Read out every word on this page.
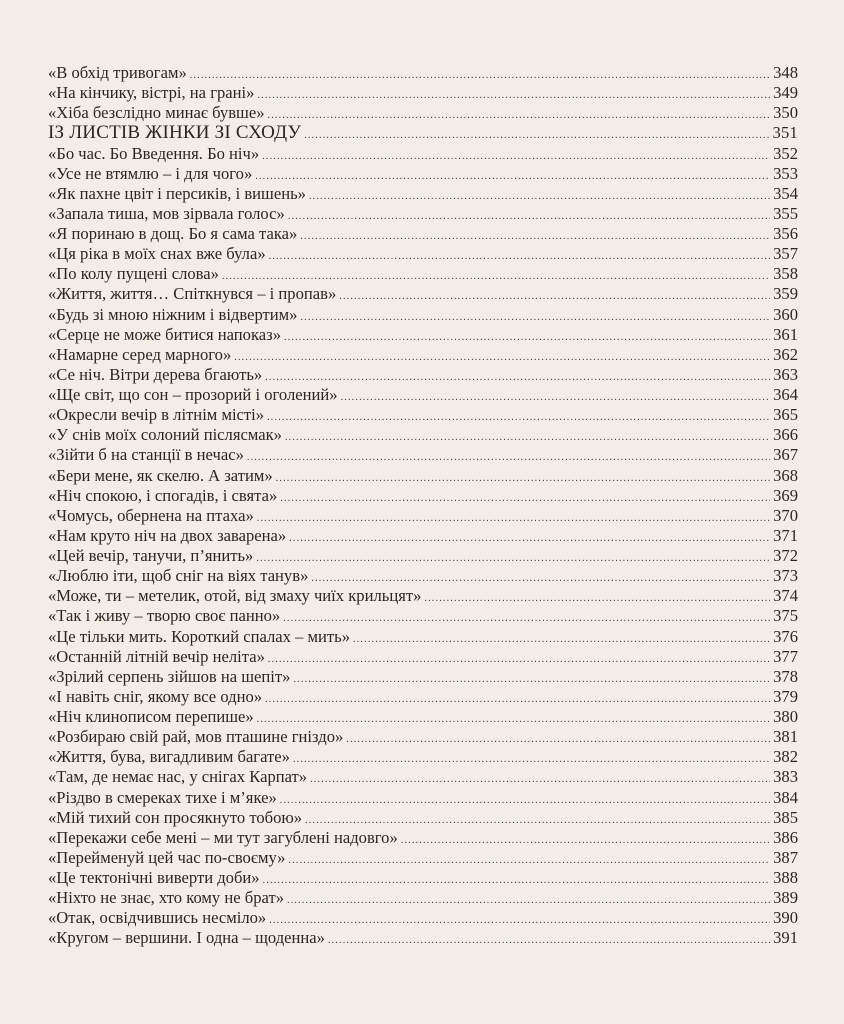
«В обхід тривогам» .....	348
«На кінчику, вістрі, на грані» .....	349
«Хіба безслідно минає бувше» .....	350
ІЗ ЛИСТІВ ЖІНКИ ЗІ СХОДУ .....	351
«Бо час. Бо Введення. Бо ніч» .....	352
«Усе не втямлю – і для чого» .....	353
«Як пахне цвіт і персиків, і вишень» .....	354
«Запала тиша, мов зірвала голос» .....	355
«Я поринаю в дощ. Бо я сама така» .....	356
«Ця ріка в моїх снах вже була» .....	357
«По колу пущені слова» .....	358
«Життя, життя… Спіткнувся – і пропав» .....	359
«Будь зі мною ніжним і відвертим» .....	360
«Серце не може битися напоказ» .....	361
«Намарне серед марного» .....	362
«Се ніч. Вітри дерева бгають» .....	363
«Ще світ, що сон – прозорий і оголений» .....	364
«Окресли вечір в літнім місті» .....	365
«У снів моїх солоний післясмак» .....	366
«Зійти б на станції в нечас» .....	367
«Бери мене, як скелю. А затим» .....	368
«Ніч спокою, і спогадів, і свята» .....	369
«Чомусь, обернена на птаха» .....	370
«Нам круто ніч на двох заварена» .....	371
«Цей вечір, танучи, п’янить» .....	372
«Люблю іти, щоб сніг на віях танув» .....	373
«Може, ти – метелик, отой, від змаху чиїх крильцят» .....	374
«Так і живу – творю своє панно» .....	375
«Це тільки мить. Короткий спалах – мить» .....	376
«Останній літній вечір неліта» .....	377
«Зрілий серпень зійшов на шепіт» .....	378
«І навіть сніг, якому все одно» .....	379
«Ніч клинописом перепише» .....	380
«Розбираю свій рай, мов пташине гніздо» .....	381
«Життя, бува, вигадливим багате» .....	382
«Там, де немає нас, у снігах Карпат» .....	383
«Різдво в смереках тихе і м’яке» .....	384
«Мій тихий сон просякнуто тобою» .....	385
«Перекажи себе мені – ми тут загублені надовго» .....	386
«Перейменуй цей час по-своєму» .....	387
«Це тектонічні виверти доби» .....	388
«Ніхто не знає, хто кому не брат» .....	389
«Отак, освідчившись несміло» .....	390
«Кругом – вершини. І одна – щоденна» .....	391
